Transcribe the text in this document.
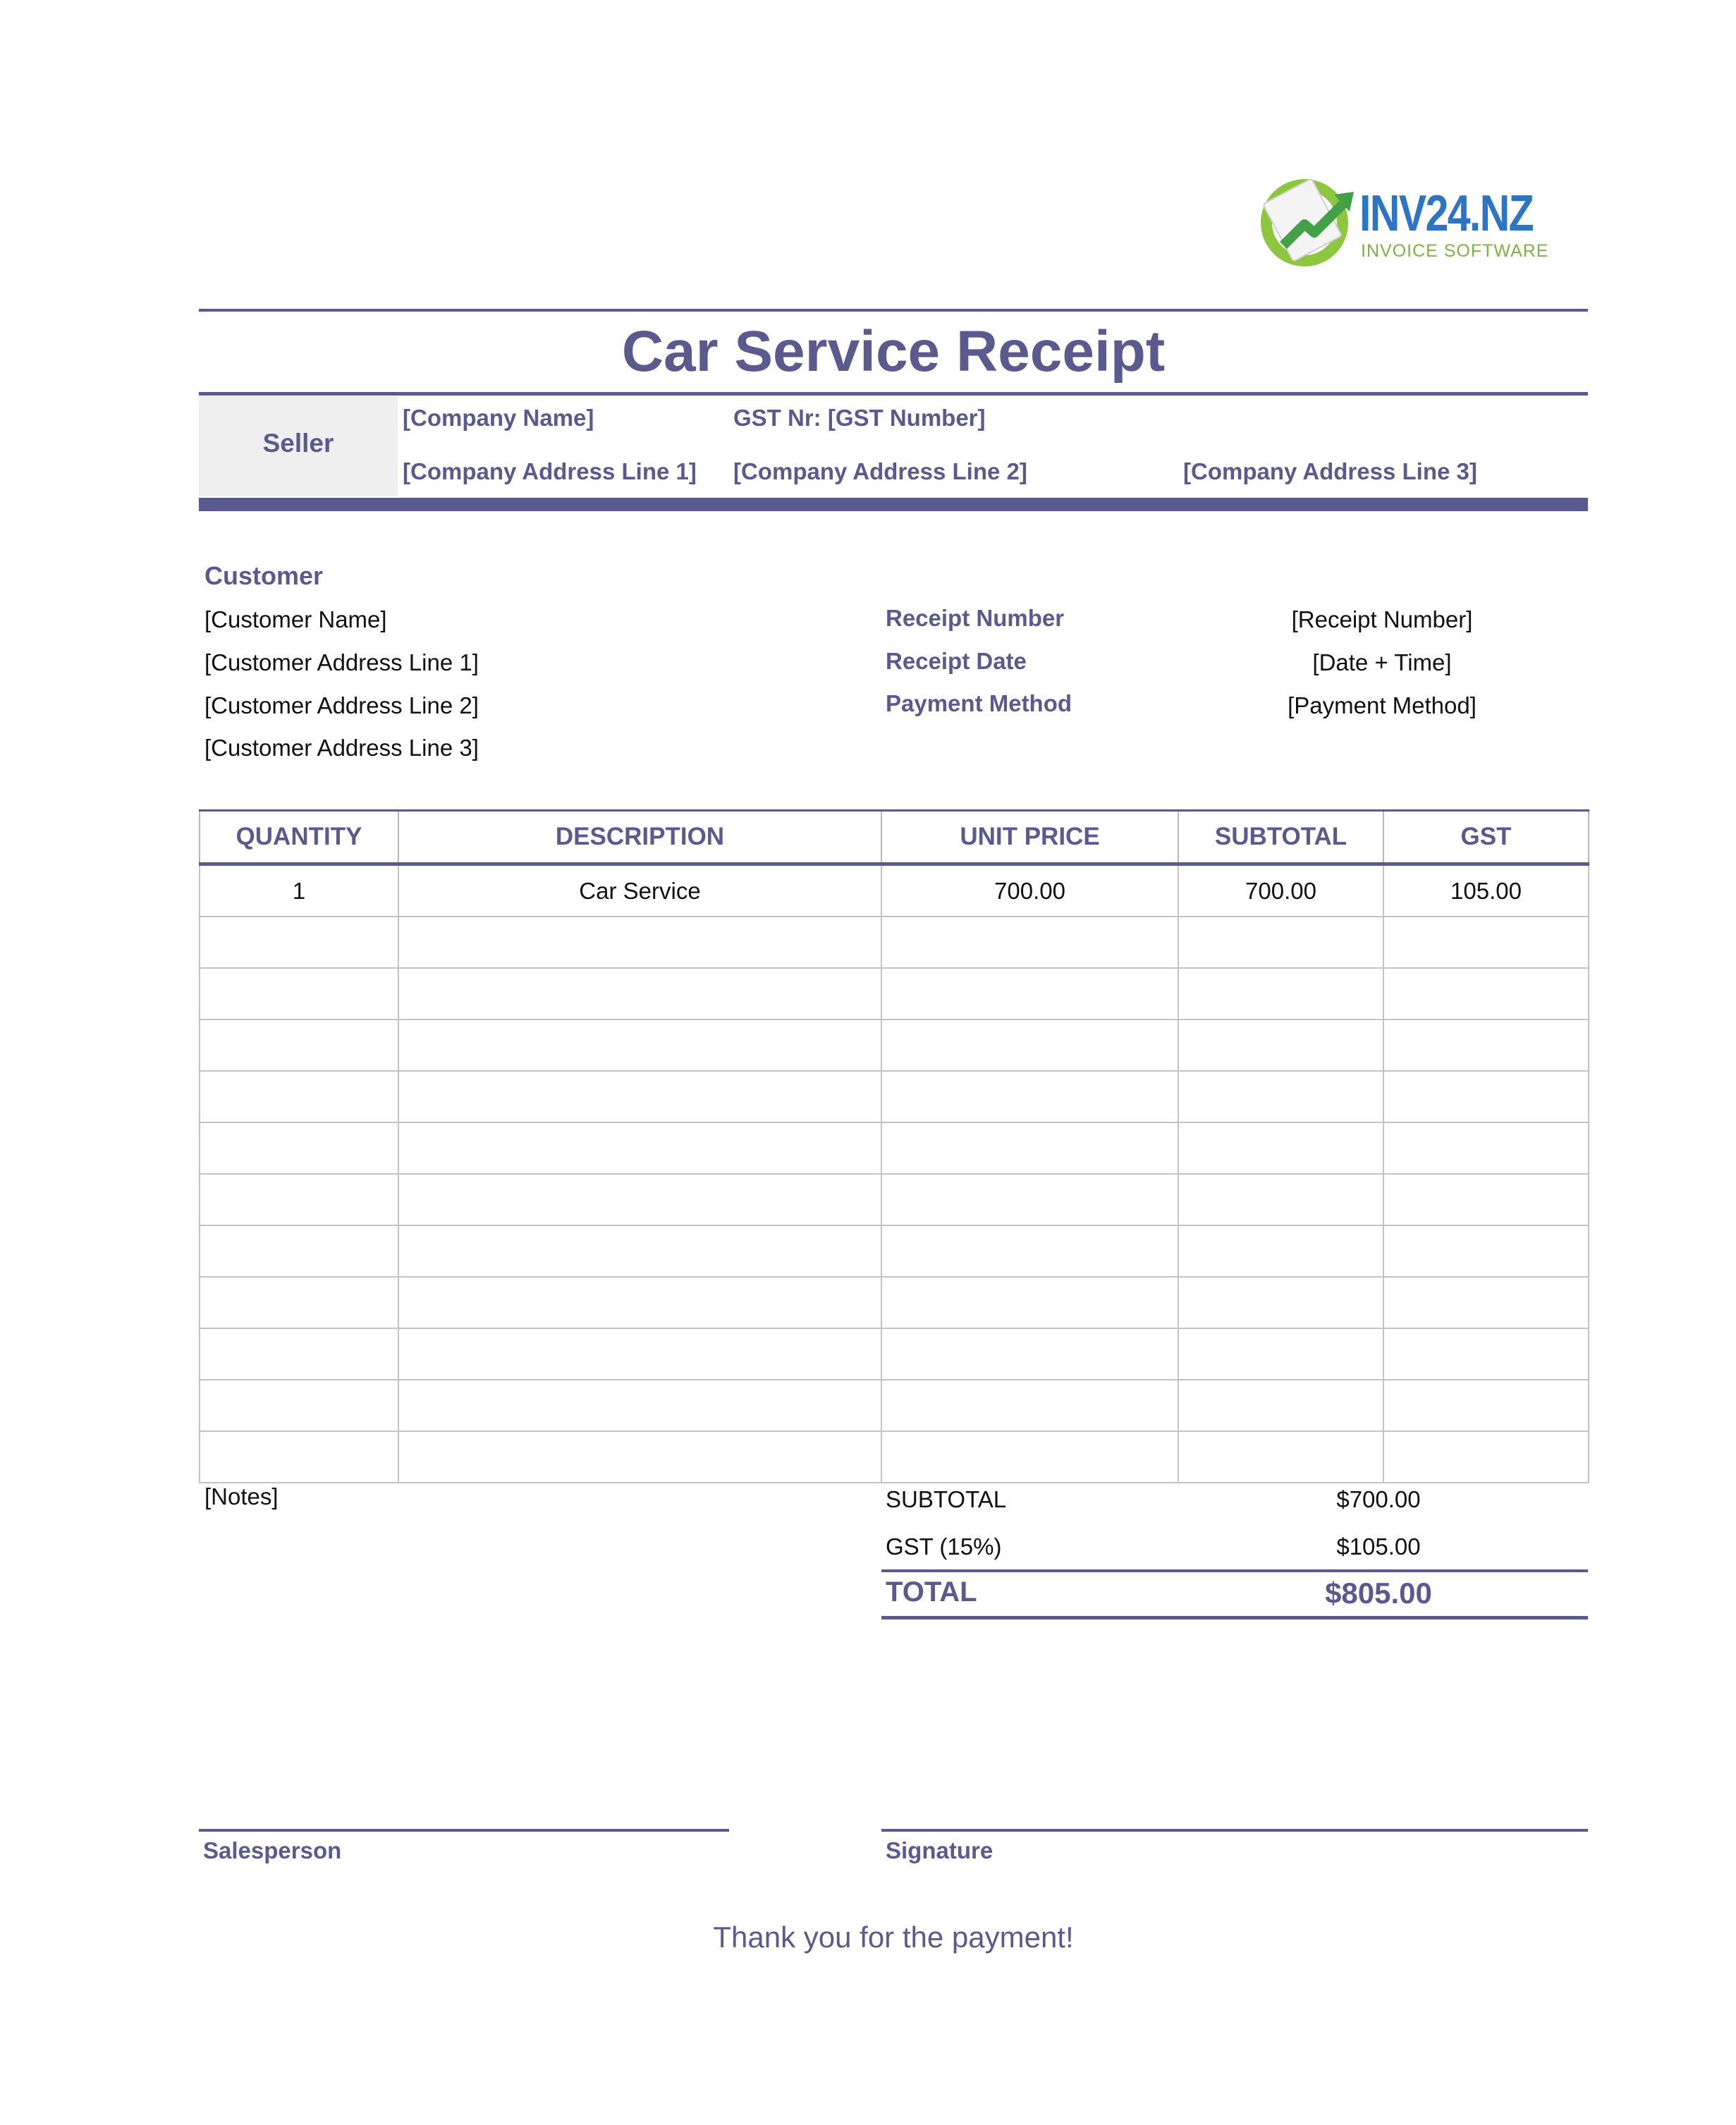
INV24.NZ
INVOICE SOFTWARE
Car Service Receipt
Seller
[Company Name]	GST Nr: [GST Number]
[Company Address Line 1] [Company Address Line 2]	[Company Address Line 3]
Customer
[Customer Name]
[Customer Address Line 1]
[Customer Address Line 2]
[Customer Address Line 3]
Receipt Number	[Receipt Number]
Receipt Date	[Date + Time]
Payment Method	[Payment Method]
QUANTITY	DESCRIPTION	UNIT PRICE	SUBTOTAL	GST
1	Car Service	700.00	700.00	105.00

[Notes]	SUBTOTAL	$700.00
GST (15%)	$105.00
TOTAL	$805.00
Salesperson	Signature
Thank you for the payment!
